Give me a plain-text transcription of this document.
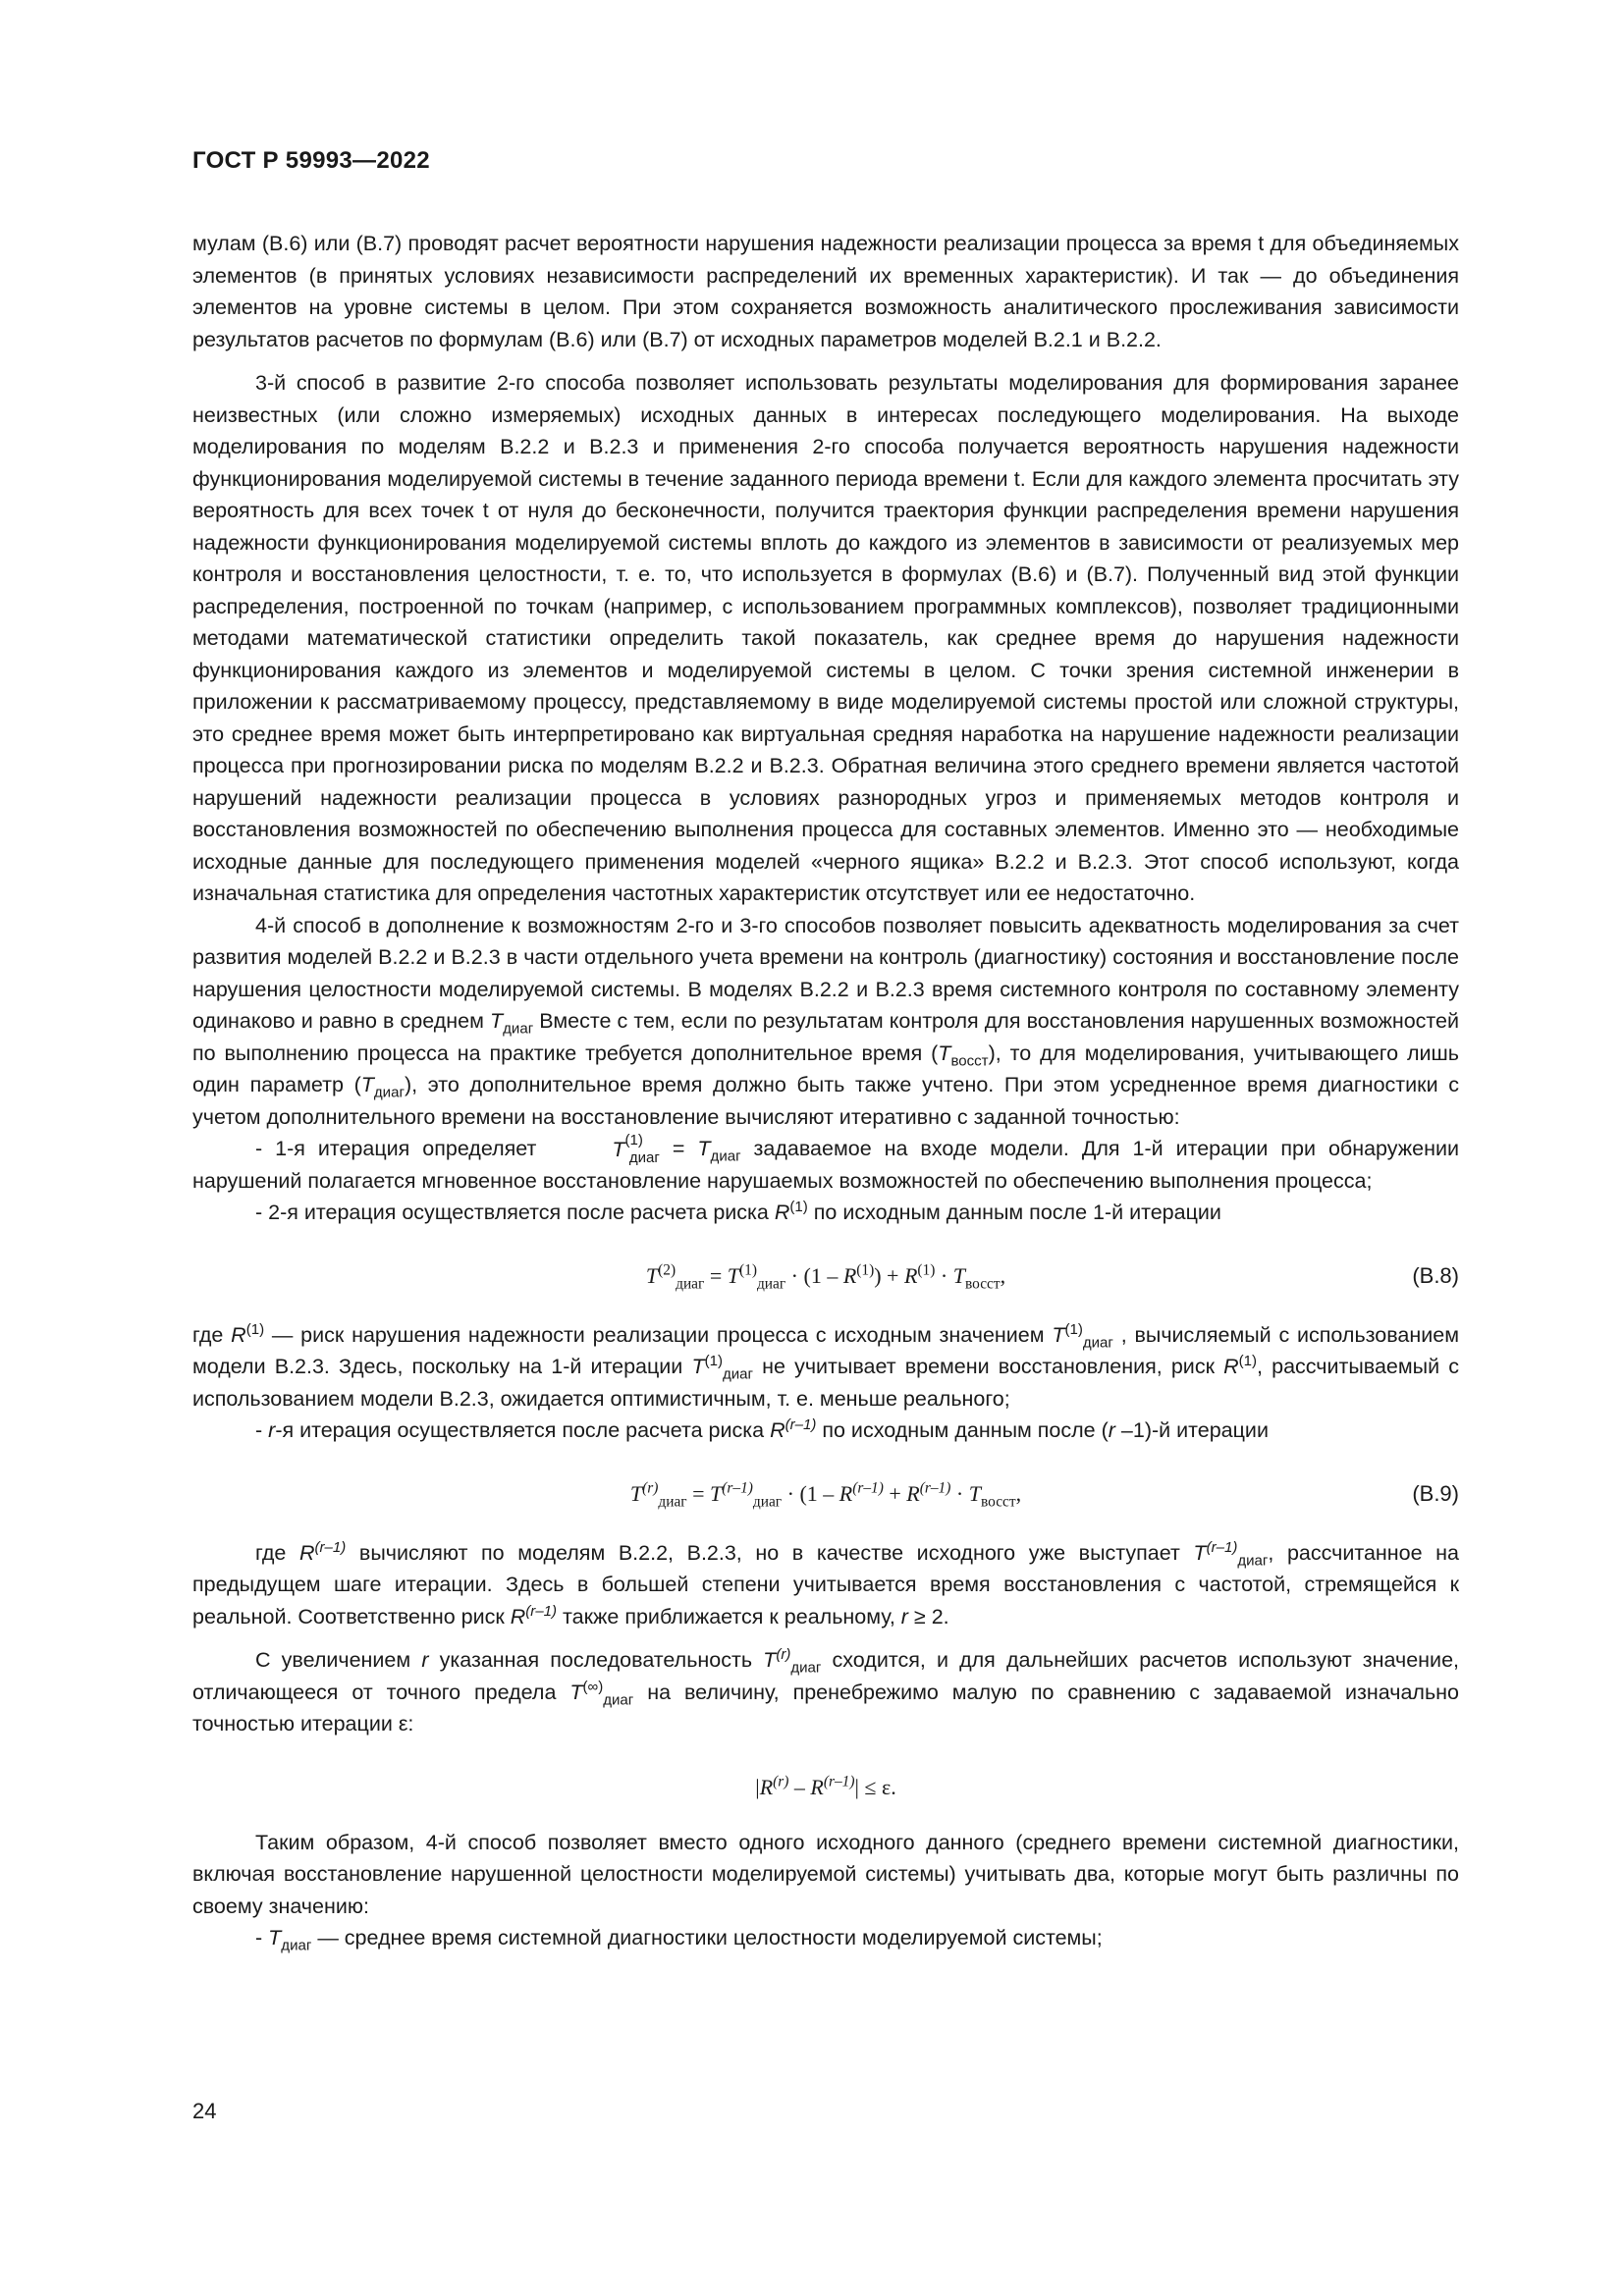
ГОСТ Р 59993—2022

мулам (В.6) или (В.7) проводят расчет вероятности нарушения надежности реализации процесса за время t для объединяемых элементов (в принятых условиях независимости распределений их временных характеристик). И так — до объединения элементов на уровне системы в целом. При этом сохраняется возможность аналитического прослеживания зависимости результатов расчетов по формулам (В.6) или (В.7) от исходных параметров моделей В.2.1 и В.2.2.

3-й способ в развитие 2-го способа позволяет использовать результаты моделирования для формирования заранее неизвестных (или сложно измеряемых) исходных данных в интересах последующего моделирования. На выходе моделирования по моделям В.2.2 и В.2.3 и применения 2-го способа получается вероятность нарушения надежности функционирования моделируемой системы в течение заданного периода времени t. Если для каждого элемента просчитать эту вероятность для всех точек t от нуля до бесконечности, получится траектория функции распределения времени нарушения надежности функционирования моделируемой системы вплоть до каждого из элементов в зависимости от реализуемых мер контроля и восстановления целостности, т. е. то, что используется в формулах (В.6) и (В.7). Полученный вид этой функции распределения, построенной по точкам (например, с использованием программных комплексов), позволяет традиционными методами математической статистики определить такой показатель, как среднее время до нарушения надежности функционирования каждого из элементов и моделируемой системы в целом. С точки зрения системной инженерии в приложении к рассматриваемому процессу, представляемому в виде моделируемой системы простой или сложной структуры, это среднее время может быть интерпретировано как виртуальная средняя наработка на нарушение надежности реализации процесса при прогнозировании риска по моделям В.2.2 и В.2.3. Обратная величина этого среднего времени является частотой нарушений надежности реализации процесса в условиях разнородных угроз и применяемых методов контроля и восстановления возможностей по обеспечению выполнения процесса для составных элементов. Именно это — необходимые исходные данные для последующего применения моделей «черного ящика» В.2.2 и В.2.3. Этот способ используют, когда изначальная статистика для определения частотных характеристик отсутствует или ее недостаточно.

4-й способ в дополнение к возможностям 2-го и 3-го способов позволяет повысить адекватность моделирования за счет развития моделей В.2.2 и В.2.3 в части отдельного учета времени на контроль (диагностику) состояния и восстановление после нарушения целостности моделируемой системы. В моделях В.2.2 и В.2.3 время системного контроля по составному элементу одинаково и равно в среднем $T_{диаг}$ Вместе с тем, если по результатам контроля для восстановления нарушенных возможностей по выполнению процесса на практике требуется дополнительное время $(T_{восст})$, то для моделирования, учитывающего лишь один параметр $(T_{диаг})$, это дополнительное время должно быть также учтено. При этом усредненное время диагностики с учетом дополнительного времени на восстановление вычисляют итеративно с заданной точностью:

- 1-я итерация определяет	$T^{(1)}_{диаг} = T_{диаг}$ задаваемое на входе модели. Для 1-й итерации при обнаружении нарушений полагается мгновенное восстановление нарушаемых возможностей по обеспечению выполнения процесса;

- 2-я итерация осуществляется после расчета риска $R^{(1)}$ по исходным данным после 1-й итерации

$T^{(2)}_{диаг} = T^{(1)}_{диаг} \cdot (1 - R^{(1)}) + R^{(1)} \cdot T_{восст}$,	(В.8)

где $R^{(1)}$ — риск нарушения надежности реализации процесса с исходным значением $T^{(1)}_{диаг}$ , вычисляемый с использованием модели В.2.3. Здесь, поскольку на 1-й итерации $T^{(1)}_{диаг}$ не учитывает времени восстановления, риск $R^{(1)}$, рассчитываемый с использованием модели В.2.3, ожидается оптимистичным, т. е. меньше реального;

- r-я итерация осуществляется после расчета риска $R^{(r-1)}$ по исходным данным после (r –1)-й итерации

$T^{(r)}_{диаг} = T^{(r-1)}_{диаг} \cdot (1 - R^{(r-1)} + R^{(r-1)} \cdot T_{восст}$,	(В.9)

где $R^{(r-1)}$ вычисляют по моделям В.2.2, В.2.3, но в качестве исходного уже выступает $T^{(r-1)}_{диаг}$, рассчитанное на предыдущем шаге итерации. Здесь в большей степени учитывается время восстановления с частотой, стремящейся к реальной. Соответственно риск $R^{(r-1)}$ также приближается к реальному, r ≥ 2.

С увеличением r указанная последовательность $T^{(r)}_{диаг}$ сходится, и для дальнейших расчетов используют значение, отличающееся от точного предела $T^{(\infty)}_{диаг}$ на величину, пренебрежимо малую по сравнению с задаваемой изначально точностью итерации ε:

$|R^{(r)} - R^{(r-1)}| \le \varepsilon$.

Таким образом, 4-й способ позволяет вместо одного исходного данного (среднего времени системной диагностики, включая восстановление нарушенной целостности моделируемой системы) учитывать два, которые могут быть различны по своему значению:

- $T_{диаг}$ — среднее время системной диагностики целостности моделируемой системы;

24
